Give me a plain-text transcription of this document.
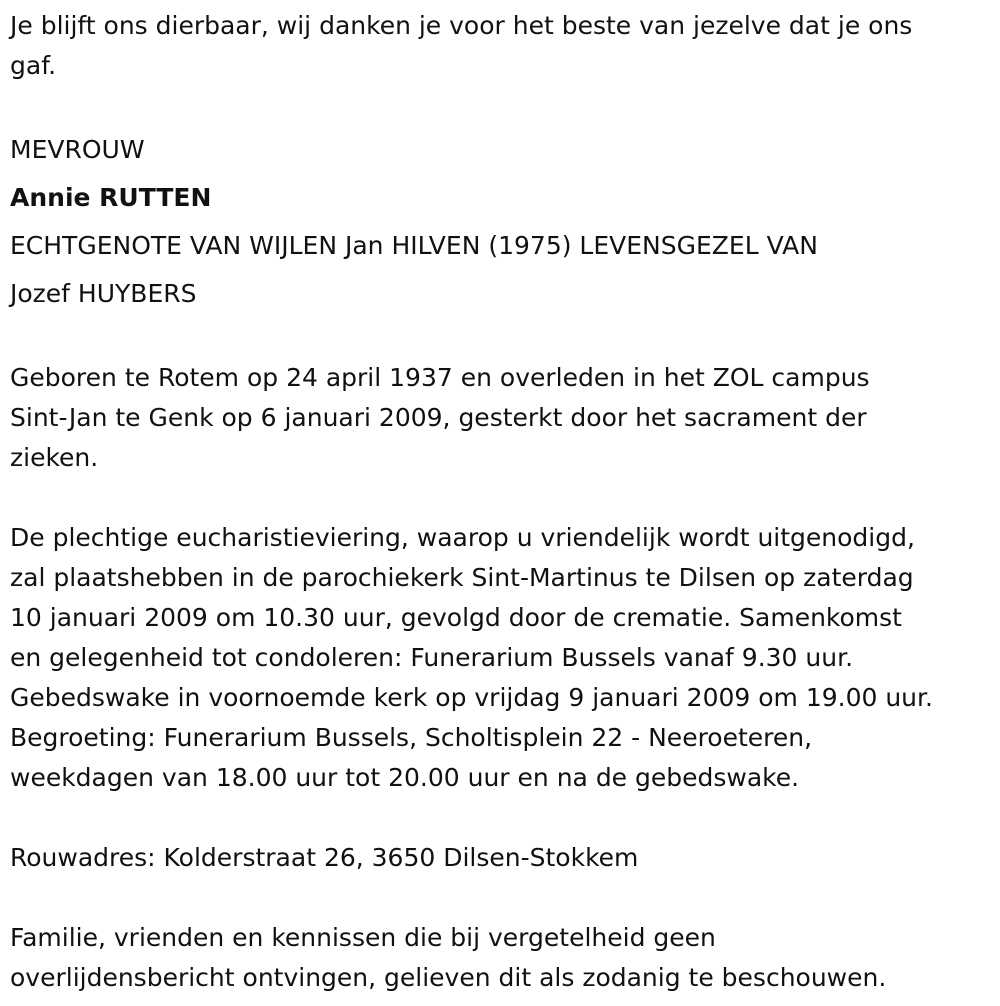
Je blijft ons dierbaar, wij danken je voor het beste van jezelve dat je ons
gaf.
MEVROUW
Annie RUTTEN
ECHTGENOTE VAN WIJLEN Jan HILVEN (1975) LEVENSGEZEL VAN
Jozef HUYBERS
Geboren te Rotem op 24 april 1937 en overleden in het ZOL campus
Sint-Jan te Genk op 6 januari 2009, gesterkt door het sacrament der
zieken.
De plechtige eucharistieviering, waarop u vriendelijk wordt uitgenodigd,
zal plaatshebben in de parochiekerk Sint-Martinus te Dilsen op zaterdag
10 januari 2009 om 10.30 uur, gevolgd door de crematie. Samenkomst
en gelegenheid tot condoleren: Funerarium Bussels vanaf 9.30 uur.
Gebedswake in voornoemde kerk op vrijdag 9 januari 2009 om 19.00 uur.
Begroeting: Funerarium Bussels, Scholtisplein 22 - Neeroeteren,
weekdagen van 18.00 uur tot 20.00 uur en na de gebedswake.
Rouwadres: Kolderstraat 26, 3650 Dilsen-Stokkem
Familie, vrienden en kennissen die bij vergetelheid geen
overlijdensbericht ontvingen, gelieven dit als zodanig te beschouwen.
